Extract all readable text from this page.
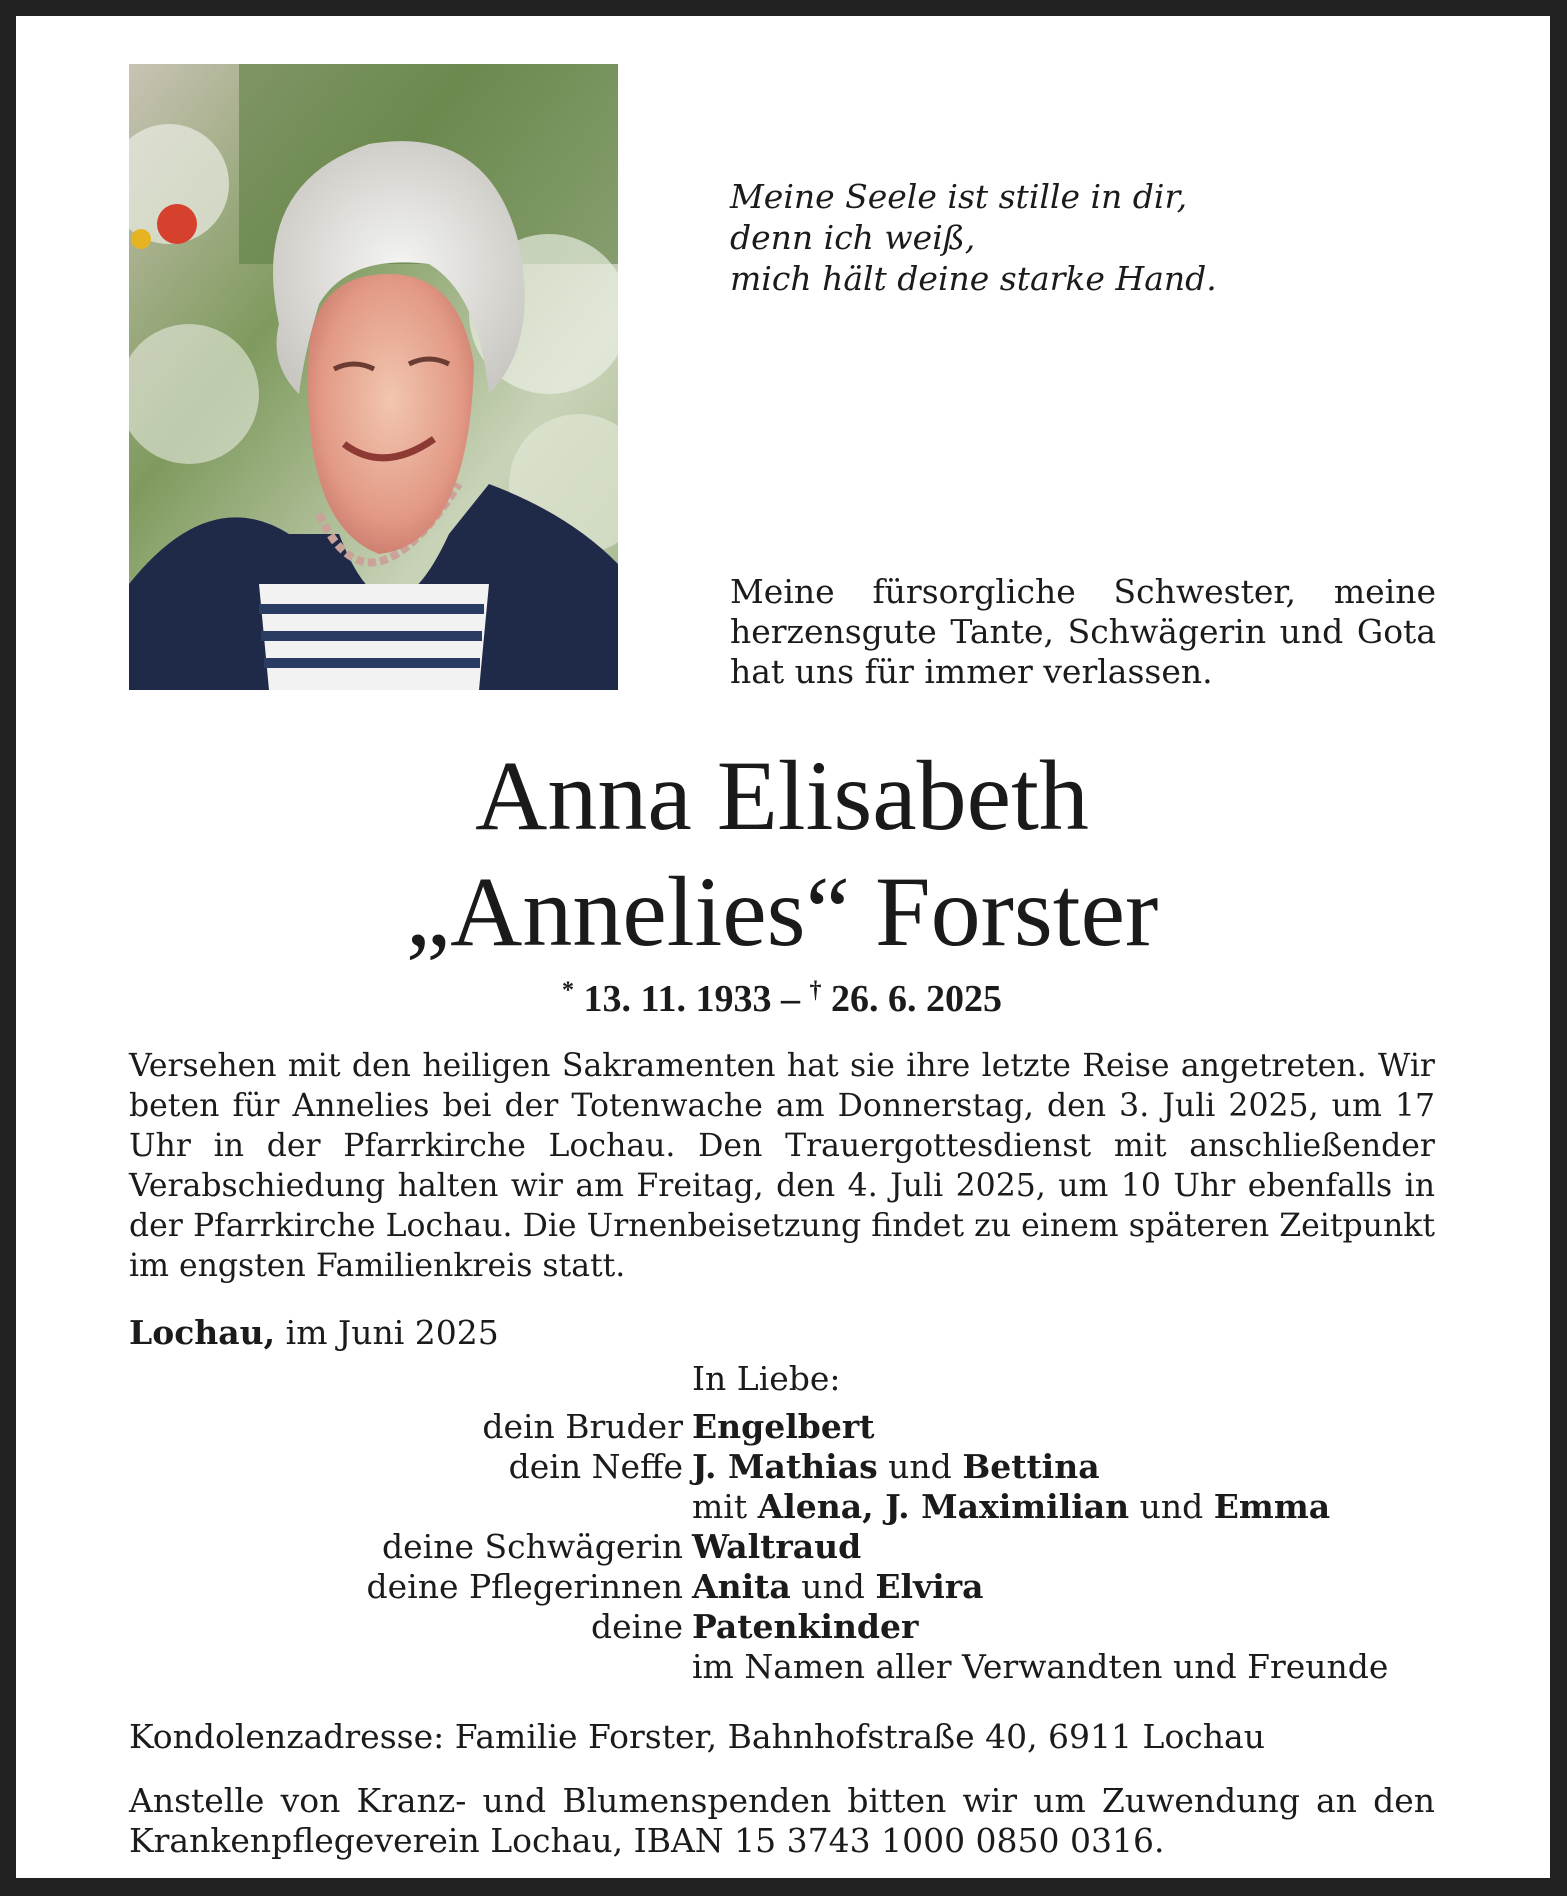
Meine Seele ist stille in dir,
denn ich weiß,
mich hält deine starke Hand.
Meine fürsorgliche Schwester, meine herzensgute Tante, Schwägerin und Gota hat uns für immer verlassen.
Anna Elisabeth
„Annelies“ Forster
* 13. 11. 1933 – † 26. 6. 2025
Versehen mit den heiligen Sakramenten hat sie ihre letzte Reise angetreten. Wir beten für Annelies bei der Totenwache am Donnerstag, den 3. Juli 2025, um 17 Uhr in der Pfarrkirche Lochau. Den Trauergottesdienst mit anschließender Verabschiedung halten wir am Freitag, den 4. Juli 2025, um 10 Uhr ebenfalls in der Pfarrkirche Lochau. Die Urnenbeisetzung findet zu einem späteren Zeitpunkt im engsten Familienkreis statt.
Lochau, im Juni 2025
In Liebe:
dein Bruder Engelbert
dein Neffe J. Mathias und Bettina
mit Alena, J. Maximilian und Emma
deine Schwägerin Waltraud
deine Pflegerinnen Anita und Elvira
deine Patenkinder
im Namen aller Verwandten und Freunde
Kondolenzadresse: Familie Forster, Bahnhofstraße 40, 6911 Lochau
Anstelle von Kranz- und Blumenspenden bitten wir um Zuwendung an den Krankenpflegeverein Lochau, IBAN 15 3743 1000 0850 0316.
